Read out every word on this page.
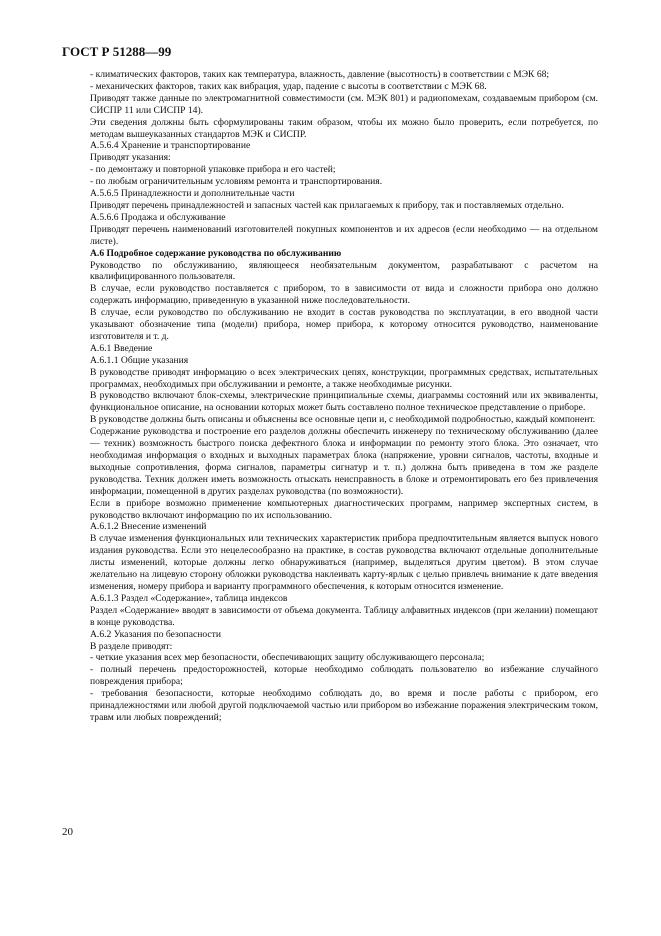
ГОСТ Р 51288—99

- климатических факторов, таких как температура, влажность, давление (высотность) в соответствии с МЭК 68;

- механических факторов, таких как вибрация, удар, падение с высоты в соответствии с МЭК 68.

Приводят также данные по электромагнитной совместимости (см. МЭК 801) и радиопомехам, создаваемым прибором (см. СИСПР 11 или СИСПР 14).

Эти сведения должны быть сформулированы таким образом, чтобы их можно было проверить, если потребуется, по методам вышеуказанных стандартов МЭК и СИСПР.

А.5.6.4 Хранение и транспортирование

Приводят указания:

- по демонтажу и повторной упаковке прибора и его частей;

- по любым ограничительным условиям ремонта и транспортирования.

А.5.6.5 Принадлежности и дополнительные части

Приводят перечень принадлежностей и запасных частей как прилагаемых к прибору, так и поставляемых отдельно.

А.5.6.6 Продажа и обслуживание

Приводят перечень наименований изготовителей покупных компонентов и их адресов (если необходимо — на отдельном листе).

А.6 Подробное содержание руководства по обслуживанию

Руководство по обслуживанию, являющееся необязательным документом, разрабатывают с расчетом на квалифицированного пользователя.

В случае, если руководство поставляется с прибором, то в зависимости от вида и сложности прибора оно должно содержать информацию, приведенную в указанной ниже последовательности.

В случае, если руководство по обслуживанию не входит в состав руководства по эксплуатации, в его вводной части указывают обозначение типа (модели) прибора, номер прибора, к которому относится руководство, наименование изготовителя и т. д.

А.6.1 Введение

А.6.1.1 Общие указания

В руководстве приводят информацию о всех электрических цепях, конструкции, программных средствах, испытательных программах, необходимых при обслуживании и ремонте, а также необходимые рисунки.

В руководство включают блок-схемы, электрические принципиальные схемы, диаграммы состояний или их эквиваленты, функциональное описание, на основании которых может быть составлено полное техническое представление о приборе.

В руководстве должны быть описаны и объяснены все основные цепи и, с необходимой подробностью, каждый компонент.

Содержание руководства и построение его разделов должны обеспечить инженеру по техническому обслуживанию (далее — техник) возможность быстрого поиска дефектного блока и информации по ремонту этого блока. Это означает, что необходимая информация о входных и выходных параметрах блока (напряжение, уровни сигналов, частоты, входные и выходные сопротивления, форма сигналов, параметры сигнатур и т. п.) должна быть приведена в том же разделе руководства. Техник должен иметь возможность отыскать неисправность в блоке и отремонтировать его без привлечения информации, помещенной в других разделах руководства (по возможности).

Если в приборе возможно применение компьютерных диагностических программ, например экспертных систем, в руководство включают информацию по их использованию.

А.6.1.2 Внесение изменений

В случае изменения функциональных или технических характеристик прибора предпочтительным является выпуск нового издания руководства. Если это нецелесообразно на практике, в состав руководства включают отдельные дополнительные листы изменений, которые должны легко обнаруживаться (например, выделяться другим цветом). В этом случае желательно на лицевую сторону обложки руководства наклеивать карту-ярлык с целью привлечь внимание к дате введения изменения, номеру прибора и варианту программного обеспечения, к которым относится изменение.

А.6.1.3 Раздел «Содержание», таблица индексов

Раздел «Содержание» вводят в зависимости от объема документа. Таблицу алфавитных индексов (при желании) помещают в конце руководства.

А.6.2 Указания по безопасности

В разделе приводят:

- четкие указания всех мер безопасности, обеспечивающих защиту обслуживающего персонала;

- полный перечень предосторожностей, которые необходимо соблюдать пользователю во избежание случайного повреждения прибора;

- требования безопасности, которые необходимо соблюдать до, во время и после работы с прибором, его принадлежностями или любой другой подключаемой частью или прибором во избежание поражения электрическим током, травм или любых повреждений;

20
